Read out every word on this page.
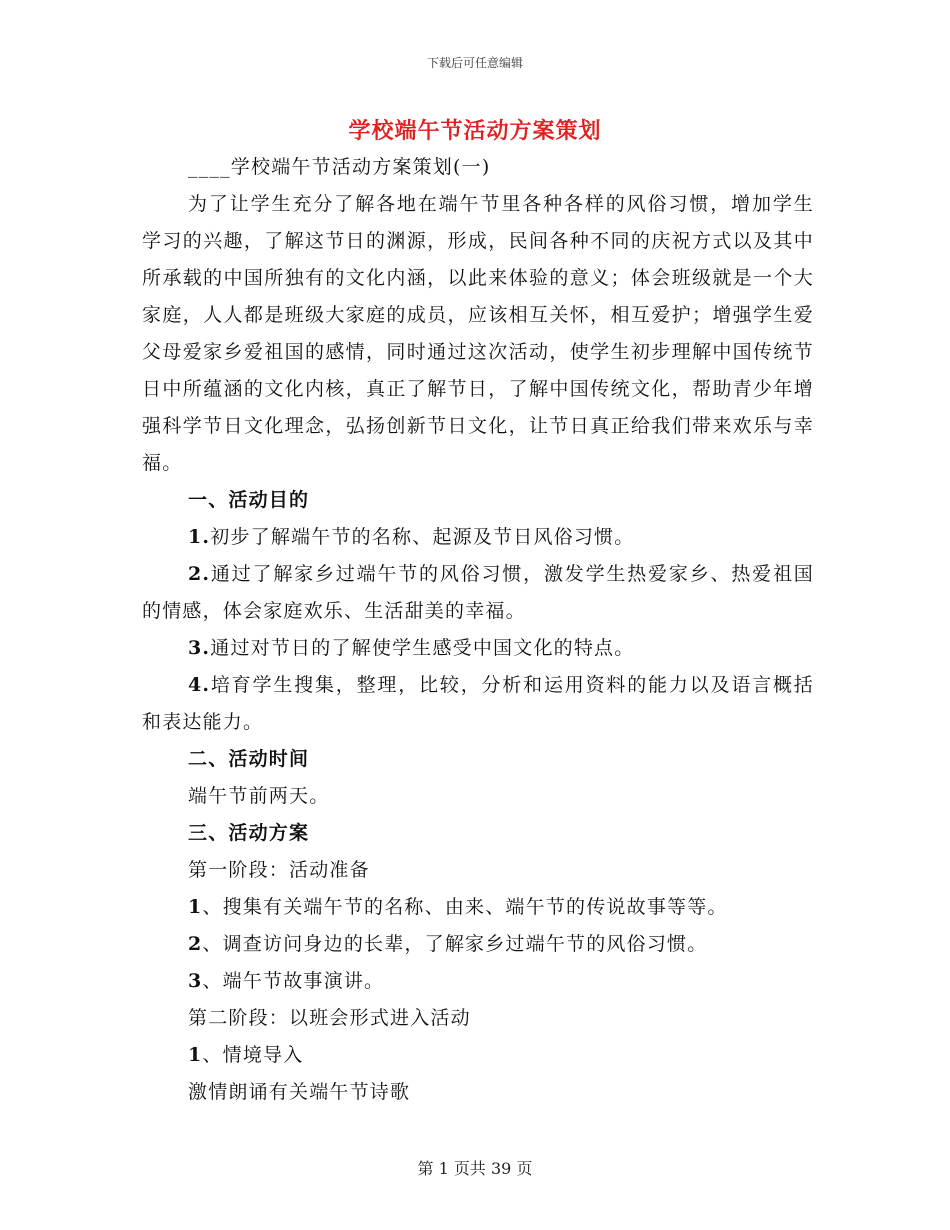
下载后可任意编辑
学校端午节活动方案策划

____学校端午节活动方案策划(一)

为了让学生充分了解各地在端午节里各种各样的风俗习惯，增加学生学习的兴趣，了解这节日的渊源，形成，民间各种不同的庆祝方式以及其中所承载的中国所独有的文化内涵，以此来体验的意义；体会班级就是一个大家庭，人人都是班级大家庭的成员，应该相互关怀，相互爱护；增强学生爱父母爱家乡爱祖国的感情，同时通过这次活动，使学生初步理解中国传统节日中所蕴涵的文化内核，真正了解节日，了解中国传统文化，帮助青少年增强科学节日文化理念，弘扬创新节日文化，让节日真正给我们带来欢乐与幸福。

一、活动目的

1.初步了解端午节的名称、起源及节日风俗习惯。

2.通过了解家乡过端午节的风俗习惯，激发学生热爱家乡、热爱祖国的情感，体会家庭欢乐、生活甜美的幸福。

3.通过对节日的了解使学生感受中国文化的特点。

4.培育学生搜集，整理，比较，分析和运用资料的能力以及语言概括和表达能力。

二、活动时间

端午节前两天。

三、活动方案

第一阶段：活动准备

1、搜集有关端午节的名称、由来、端午节的传说故事等等。

2、调查访问身边的长辈，了解家乡过端午节的风俗习惯。

3、端午节故事演讲。

第二阶段：以班会形式进入活动

1、情境导入

激情朗诵有关端午节诗歌

第 1 页共 39 页
